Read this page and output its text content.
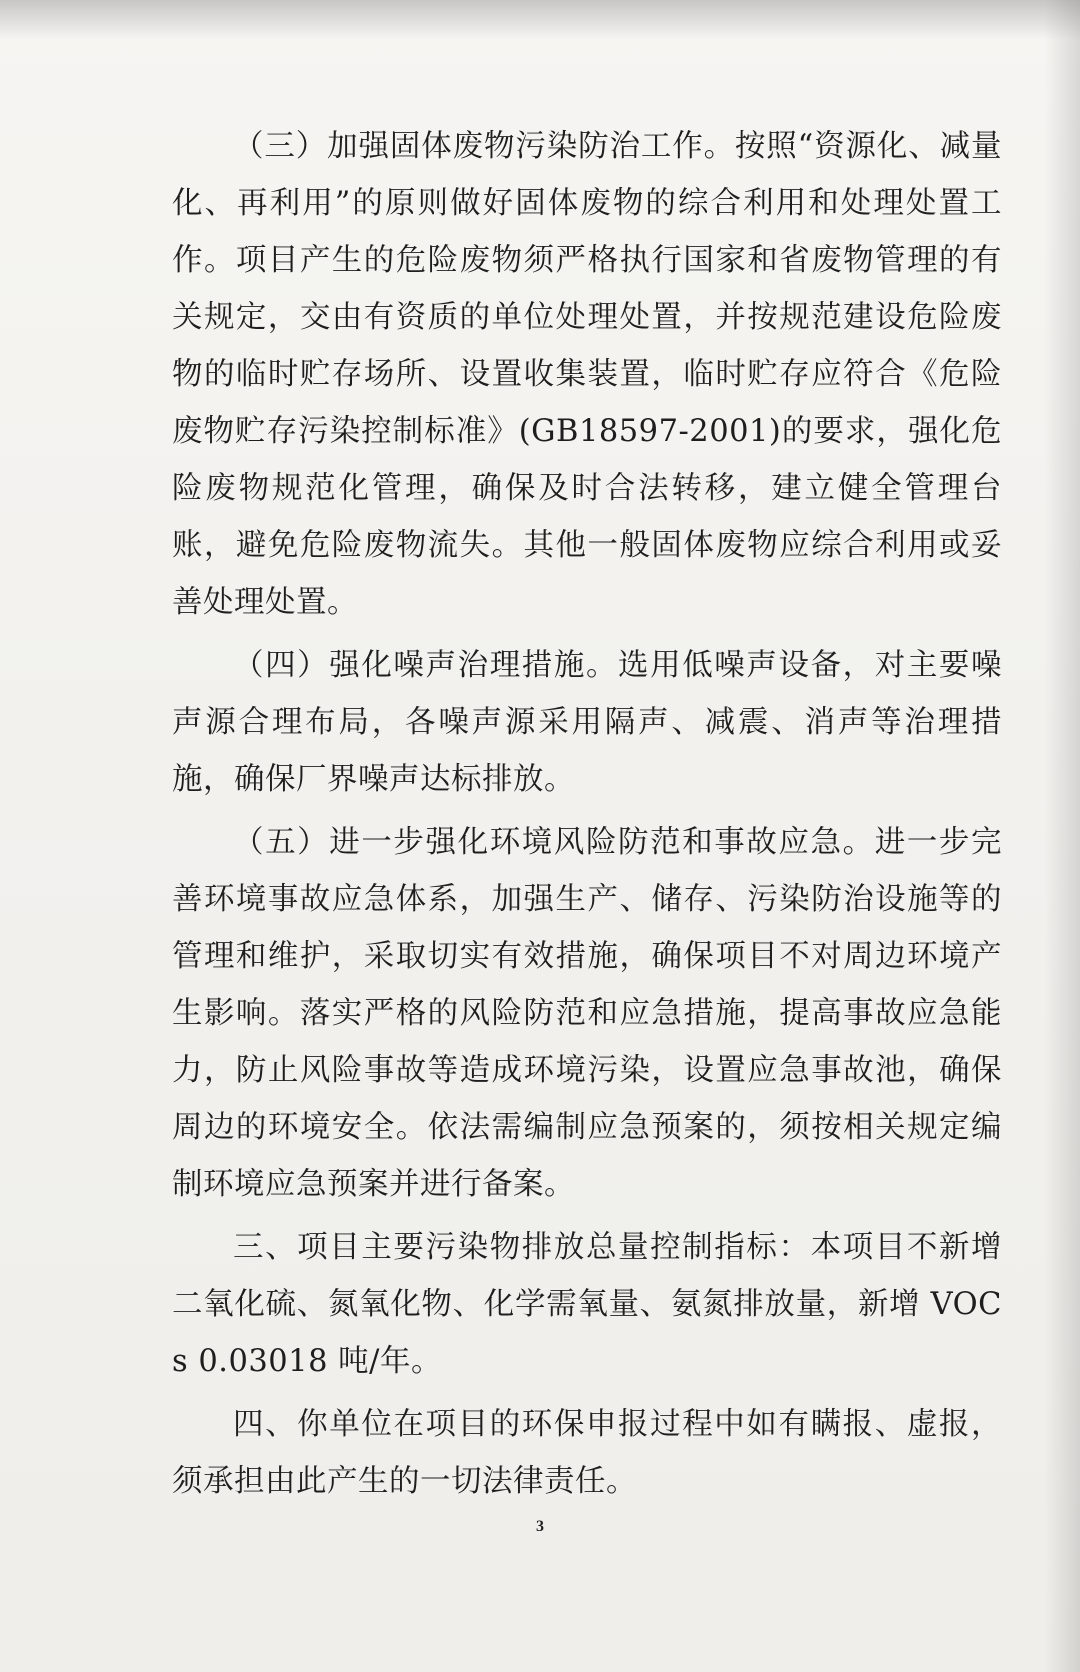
（三）加强固体废物污染防治工作。按照“资源化、减量化、再利用”的原则做好固体废物的综合利用和处理处置工作。项目产生的危险废物须严格执行国家和省废物管理的有关规定，交由有资质的单位处理处置，并按规范建设危险废物的临时贮存场所、设置收集装置，临时贮存应符合《危险废物贮存污染控制标准》(GB18597-2001)的要求，强化危险废物规范化管理，确保及时合法转移，建立健全管理台账，避免危险废物流失。其他一般固体废物应综合利用或妥善处理处置。

（四）强化噪声治理措施。选用低噪声设备，对主要噪声源合理布局，各噪声源采用隔声、减震、消声等治理措施，确保厂界噪声达标排放。

（五）进一步强化环境风险防范和事故应急。进一步完善环境事故应急体系，加强生产、储存、污染防治设施等的管理和维护，采取切实有效措施，确保项目不对周边环境产生影响。落实严格的风险防范和应急措施，提高事故应急能力，防止风险事故等造成环境污染，设置应急事故池，确保周边的环境安全。依法需编制应急预案的，须按相关规定编制环境应急预案并进行备案。

三、项目主要污染物排放总量控制指标：本项目不新增二氧化硫、氮氧化物、化学需氧量、氨氮排放量，新增 VOCs 0.03018 吨/年。

四、你单位在项目的环保申报过程中如有瞒报、虚报，须承担由此产生的一切法律责任。

3
